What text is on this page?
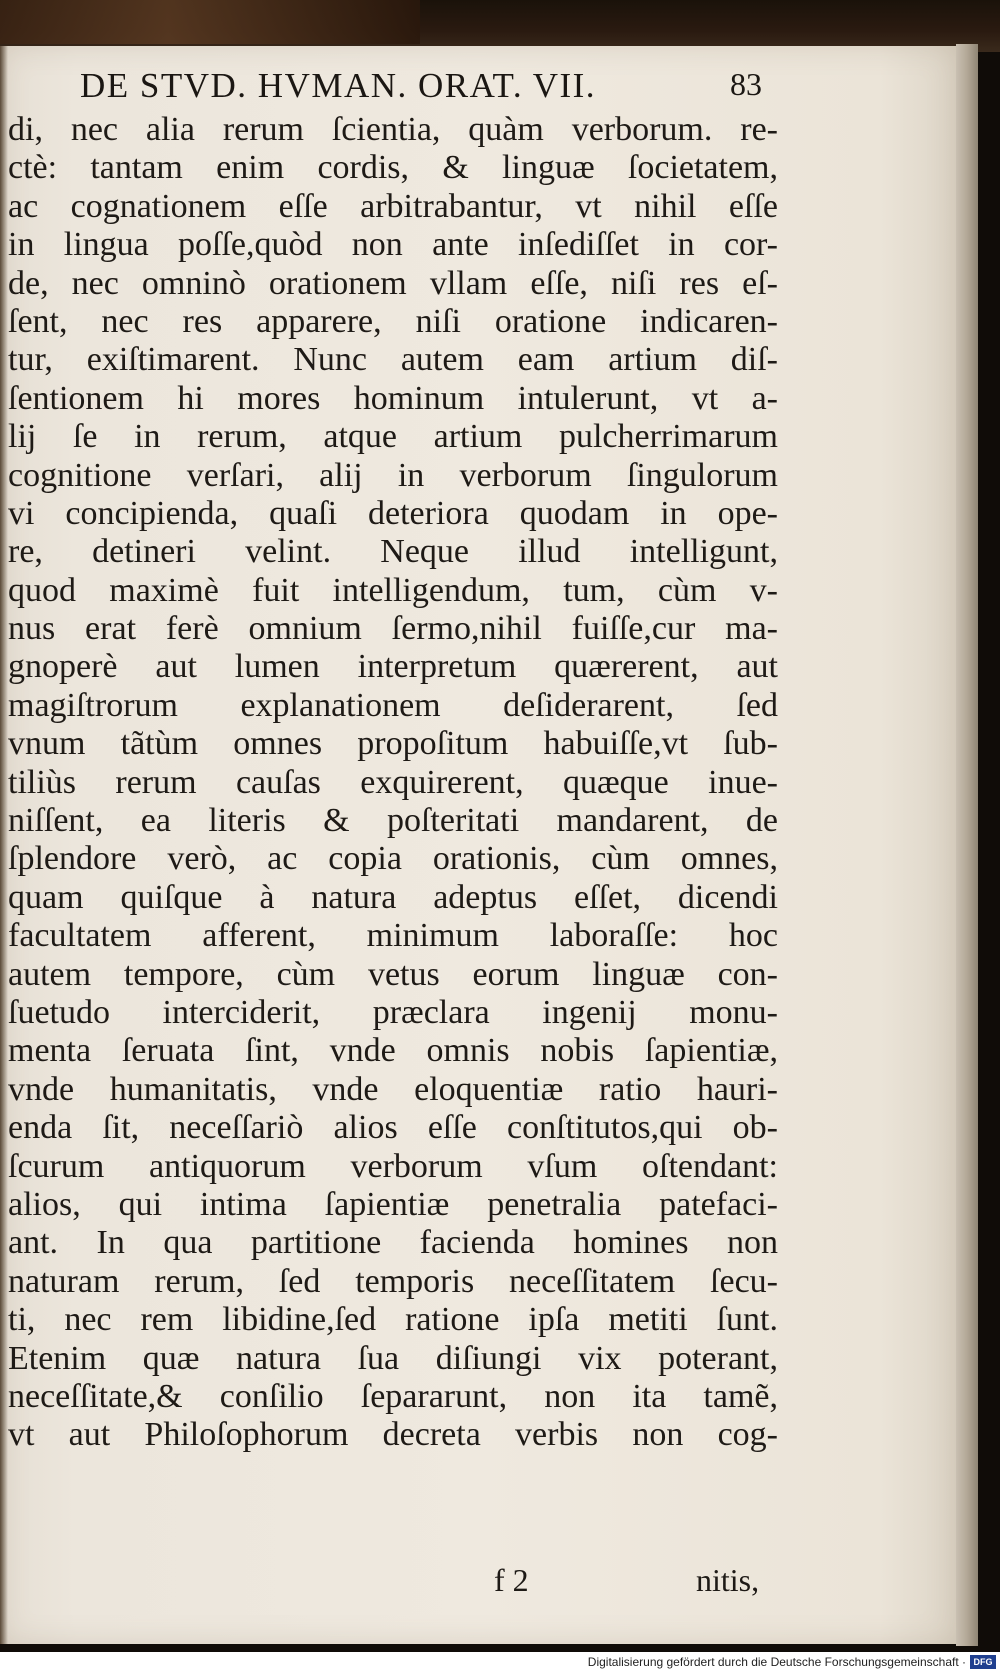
DE STVD. HVMAN. ORAT. VII.	83
di, nec alia rerum ſcientia, quàm verborum. re-
ctè: tantam enim cordis, & linguæ ſocietatem,
ac cognationem eſſe arbitrabantur, vt nihil eſſe
in lingua poſſe,quòd non ante inſediſſet in cor-
de, nec omninò orationem vllam eſſe, niſi res eſ-
ſent, nec res apparere, niſi oratione indicaren-
tur, exiſtimarent. Nunc autem eam artium diſ-
ſentionem hi mores hominum intulerunt, vt a-
lij ſe in rerum, atque artium pulcherrimarum
cognitione verſari, alij in verborum ſingulorum
vi concipienda, quaſi deteriora quodam in ope-
re, detineri velint. Neque illud intelligunt,
quod maximè fuit intelligendum, tum, cùm v-
nus erat ferè omnium ſermo,nihil fuiſſe,cur ma-
gnoperè aut lumen interpretum quærerent, aut
magiſtrorum explanationem deſiderarent, ſed
vnum tãtùm omnes propoſitum habuiſſe,vt ſub-
tiliùs rerum cauſas exquirerent, quæque inue-
niſſent, ea literis & poſteritati mandarent, de
ſplendore verò, ac copia orationis, cùm omnes,
quam quiſque à natura adeptus eſſet, dicendi
facultatem afferent, minimum laboraſſe: hoc
autem tempore, cùm vetus eorum linguæ con-
ſuetudo interciderit, præclara ingenij monu-
menta ſeruata ſint, vnde omnis nobis ſapientiæ,
vnde humanitatis, vnde eloquentiæ ratio hauri-
enda ſit, neceſſariò alios eſſe conſtitutos,qui ob-
ſcurum antiquorum verborum vſum oſtendant:
alios, qui intima ſapientiæ penetralia patefaci-
ant. In qua partitione facienda homines non
naturam rerum, ſed temporis neceſſitatem ſecu-
ti, nec rem libidine,ſed ratione ipſa metiti ſunt.
Etenim quæ natura ſua diſiungi vix poterant,
neceſſitate,& conſilio ſepararunt, non ita tamẽ,
vt aut Philoſophorum decreta verbis non cog-
f 2	nitis,
Digitalisierung gefördert durch die Deutsche Forschungsgemeinschaft · DFG
